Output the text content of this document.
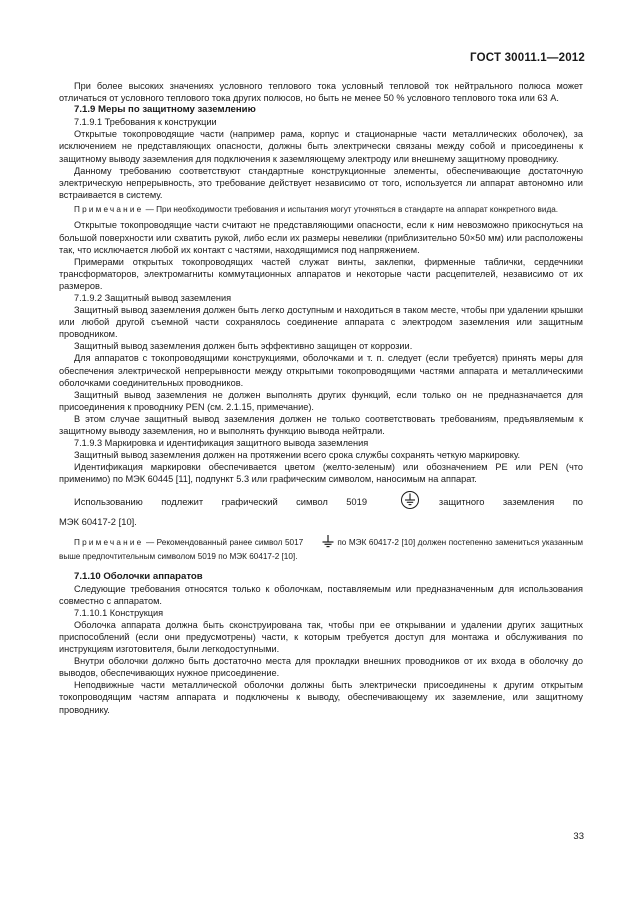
ГОСТ 30011.1—2012

При более высоких значениях условного теплового тока условный тепловой ток нейтрального полюса может отличаться от условного теплового тока других полюсов, но быть не менее 50 % условного теплового тока или 63 А.

7.1.9 Меры по защитному заземлению

7.1.9.1 Требования к конструкции

Открытые токопроводящие части (например рама, корпус и стационарные части металлических оболочек), за исключением не представляющих опасности, должны быть электрически связаны между собой и присоединены к защитному выводу заземления для подключения к заземляющему электроду или внешнему защитному проводнику.

Данному требованию соответствуют стандартные конструкционные элементы, обеспечивающие достаточную электрическую непрерывность, это требование действует независимо от того, используется ли аппарат автономно или встраивается в систему.

Примечание — При необходимости требования и испытания могут уточняться в стандарте на аппарат конкретного вида.

Открытые токопроводящие части считают не представляющими опасности, если к ним невозможно прикоснуться на большой поверхности или схватить рукой, либо если их размеры невелики (приблизительно 50×50 мм) или расположены так, что исключается любой их контакт с частями, находящимися под напряжением.

Примерами открытых токопроводящих частей служат винты, заклепки, фирменные таблички, сердечники трансформаторов, электромагниты коммутационных аппаратов и некоторые части расцепителей, независимо от их размеров.

7.1.9.2 Защитный вывод заземления

Защитный вывод заземления должен быть легко доступным и находиться в таком месте, чтобы при удалении крышки или любой другой съемной части сохранялось соединение аппарата с электродом заземления или защитным проводником.

Защитный вывод заземления должен быть эффективно защищен от коррозии.

Для аппаратов с токопроводящими конструкциями, оболочками и т. п. следует (если требуется) принять меры для обеспечения электрической непрерывности между открытыми токопроводящими частями аппарата и металлическими оболочками соединительных проводников.

Защитный вывод заземления не должен выполнять других функций, если только он не предназначается для присоединения к проводнику PEN (см. 2.1.15, примечание).

В этом случае защитный вывод заземления должен не только соответствовать требованиям, предъявляемым к защитному выводу заземления, но и выполнять функцию вывода нейтрали.

7.1.9.3 Маркировка и идентификация защитного вывода заземления

Защитный вывод заземления должен на протяжении всего срока службы сохранять четкую маркировку.

Идентификация маркировки обеспечивается цветом (желто-зеленым) или обозначением PE или PEN (что применимо) по МЭК 60445 [11], подпункт 5.3 или графическим символом, наносимым на аппарат.

Использованию подлежит графический символ 5019	защитного заземления по

МЭК 60417-2 [10].

Примечание — Рекомендованный ранее символ 5017	по МЭК 60417-2 [10] должен постепенно замениться указанным выше предпочтительным символом 5019 по МЭК 60417-2 [10].

7.1.10 Оболочки аппаратов

Следующие требования относятся только к оболочкам, поставляемым или предназначенным для использования совместно с аппаратом.

7.1.10.1 Конструкция

Оболочка аппарата должна быть сконструирована так, чтобы при ее открывании и удалении других защитных приспособлений (если они предусмотрены) части, к которым требуется доступ для монтажа и обслуживания по инструкциям изготовителя, были легкодоступными.

Внутри оболочки должно быть достаточно места для прокладки внешних проводников от их входа в оболочку до выводов, обеспечивающих нужное присоединение.

Неподвижные части металлической оболочки должны быть электрически присоединены к другим открытым токопроводящим частям аппарата и подключены к выводу, обеспечивающему их заземление, или защитному проводнику.

33
